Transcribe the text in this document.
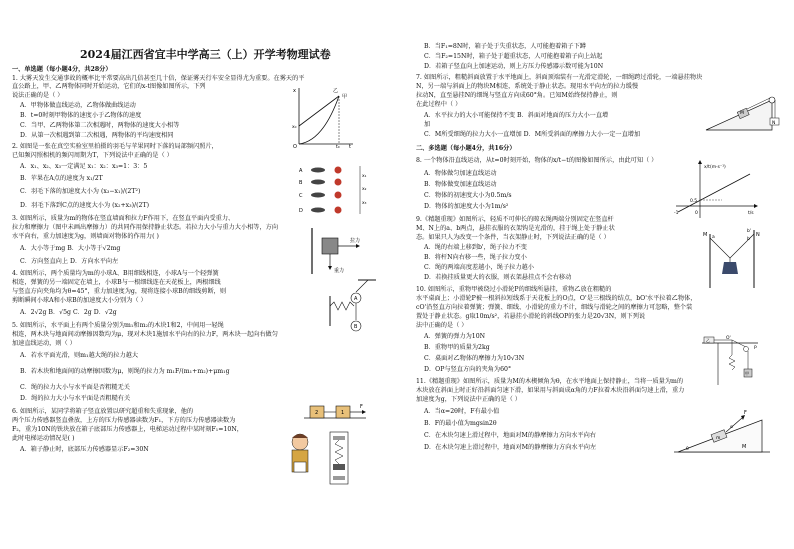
2024届江西省宜丰中学高三（上）开学考物理试卷
一、单选题（每小题4分，共28分）
1. 大雾天发生交通事故的概率比平常要高出几倍甚至几十倍，保证雾天行车安全显得尤为重要。在雾天的平
直公路上，甲、乙两物体同时开始运动，它们的x-t图像如图所示，下列
说法正确的是（ ）
A．甲物体做直线运动，乙物体做曲线运动
B．t=0时刻甲物体的速度小于乙物体的速度
C．当甲、乙两物体第二次相遇时，两物体的速度大小相等
D．从第一次相遇到第二次相遇，两物体的平均速度相同
2. 如图是一张在真空实验室里拍摄的羽毛与苹果同时下落的局部频闪照片，
已知频闪照相机的频闪周期为T，下列说法中正确的是（ ）
A．x₁、x₂、x₃一定满足 x₁：x₂：x₃=1：3：5
B．苹果在A点的速度为 x₁/2T
C．羽毛下落的加速度大小为 (x₃−x₁)/(2T²)
D．羽毛下落到C点的速度大小为 (x₂+x₃)/(2T)
3. 如图所示，质量为m的物体在竖直墙面和拉力F作用下，在竖直平面内受重力、
拉力和摩擦力（图中未画出摩擦力）的共同作用保持静止状态。若拉力大小与重力大小相等，方向
水平向右，重力加速度为g，则墙面对物体的作用力( )
A．大小等于mg B．大小等于√2mg
C．方向竖直向上 D．方向水平向左
4. 如图所示，两个质量均为m的小球A、B用细线相连，小球A与一个轻弹簧
相连，弹簧的另一端固定在墙上，小球B与一根细线连在天花板上，两根细线
与竖直方向夹角均为θ=45°，重力加速度为g，现将连接小球B的细线剪断，则
剪断瞬间小球A和小球B的加速度大小分别为（ ）
A．2√2g B．√5g C．2g D．√2g
5. 如图所示，水平面上有两个质量分别为m₁和m₂的木块1和2，中间用一轻绳
相连，两木块与地面间动摩擦因数均为μ，现对木块1施加水平向右的拉力F，两木块一起向右做匀
加速直线运动，则（ ）
A．若水平面光滑，则m₁越大绳的拉力越大
B．若木块和地面间的动摩擦因数为μ，则绳的拉力为 m₁F/(m₁+m₂)+μm₁g
C．绳的拉力大小与水平面是否粗糙无关
D．绳的拉力大小与水平面是否粗糙有关
6. 如图所示，某同学将箱子竖直放置以研究超重和失重现象，他的
两个压力传感器竖直叠放，上方的压力传感器读数为F₁，下方的压力传感器读数为
F₂，重为10N的铁块放在箱子底部压力传感器上，电梯运动过程中某时刻F₁=10N，
此时电梯运动情况是( )
A．箱子静止时，底部压力传感器显示F₂=30N
x
t
O
甲
乙
x₀
t₀
A
B
C
D
x₁
x₂
x₃
拉力
重力
A
B
2	1
F
B．当F₁=8N时，箱子处于失重状态，人可能抱着箱子下蹲
C．当F₂=15N时，箱子处于超重状态，人可能抱着箱子向上站起
D．若箱子竖直向上加速运动，则上方压力传感器示数可能为10N
7. 如图所示，粗糙斜面放置于水平地面上，斜面顶端装有一光滑定滑轮，一细绳跨过滑轮，一端悬挂物块
N，另一端与斜面上的物块M相连，系统处于静止状态。现用水平向左的拉力缓慢
拉动N，直至悬挂N的细绳与竖直方向成60°角。已知M始终保持静止，则
在此过程中（ ）
A．水平拉力的大小可能保持不变 B．斜面对地面的压力大小一直增
加
C．M所受细绳的拉力大小一直增加 D．M所受斜面的摩擦力大小一定一直增加
二、多选题（每小题4分，共16分）
8. 一个物体沿直线运动，从t=0时刻开始，物体的x/t−t的图像如图所示，由此可知（ ）
A．物体做匀加速直线运动
B．物体做变加速直线运动
C．物体的初速度大小为0.5m/s
D．物体的加速度大小为1m/s²
9.《精题重现》如图所示，轻质不可伸长的晾衣绳两端分别固定在竖直杆
M、N上的a、b两点，悬挂衣服的衣架钩是光滑的，挂于绳上处于静止状
态。如果只人为改变一个条件，当衣架静止时，下列说法正确的是（ ）
A．绳的右端上移到b'，绳子拉力不变
B．将杆N向右移一些，绳子拉力变小
C．绳的两端高度差越小，绳子拉力越小
D．若换挂质量更大的衣服，则衣架悬挂点不会右移动
10. 如图所示，重物甲被绕过小滑轮P的细线所悬挂，重物乙放在粗糙的
水平桌面上；小滑轮P被一根斜拉短线系于天花板上的O点，O'是三根线的结点，bO'水平拉着乙物体，
cO'沿竖直方向拉着弹簧；弹簧、细线、小滑轮的重力不计，细线与滑轮之间的摩擦力可忽略，整个装
置处于静止状态。g取10m/s²，若悬挂小滑轮的斜线OP的张力是20√3N，则下列说
法中正确的是（ ）
A．弹簧的弹力为10N
B．重物甲的质量为2kg
C．桌面对乙物体的摩擦力为10√3N
D．OP与竖直方向的夹角为60°
11.《精题重现》如图所示，质量为M的木楔倾角为θ，在水平地面上保持静止，当将一质量为m的
木块放在斜面上时正好沿斜面匀速下滑，如果用与斜面成α角的力F拉着木块沿斜面匀速上滑，重力
加速度为g，下列说法中正确的是（ ）
A．当α=2θ时，F有最小值
B．F的最小值为mgsin2θ
C．在木块匀速上滑过程中，地面对M的静摩擦力方向水平向右
D．在木块匀速上滑过程中，地面对M的静摩擦力方向水平向左
N
M
x/t(m·s⁻¹)
t/s
0.5
-1	0
M	N
a	b
b'
P
O'
乙
甲
F
m
M
θ
α
